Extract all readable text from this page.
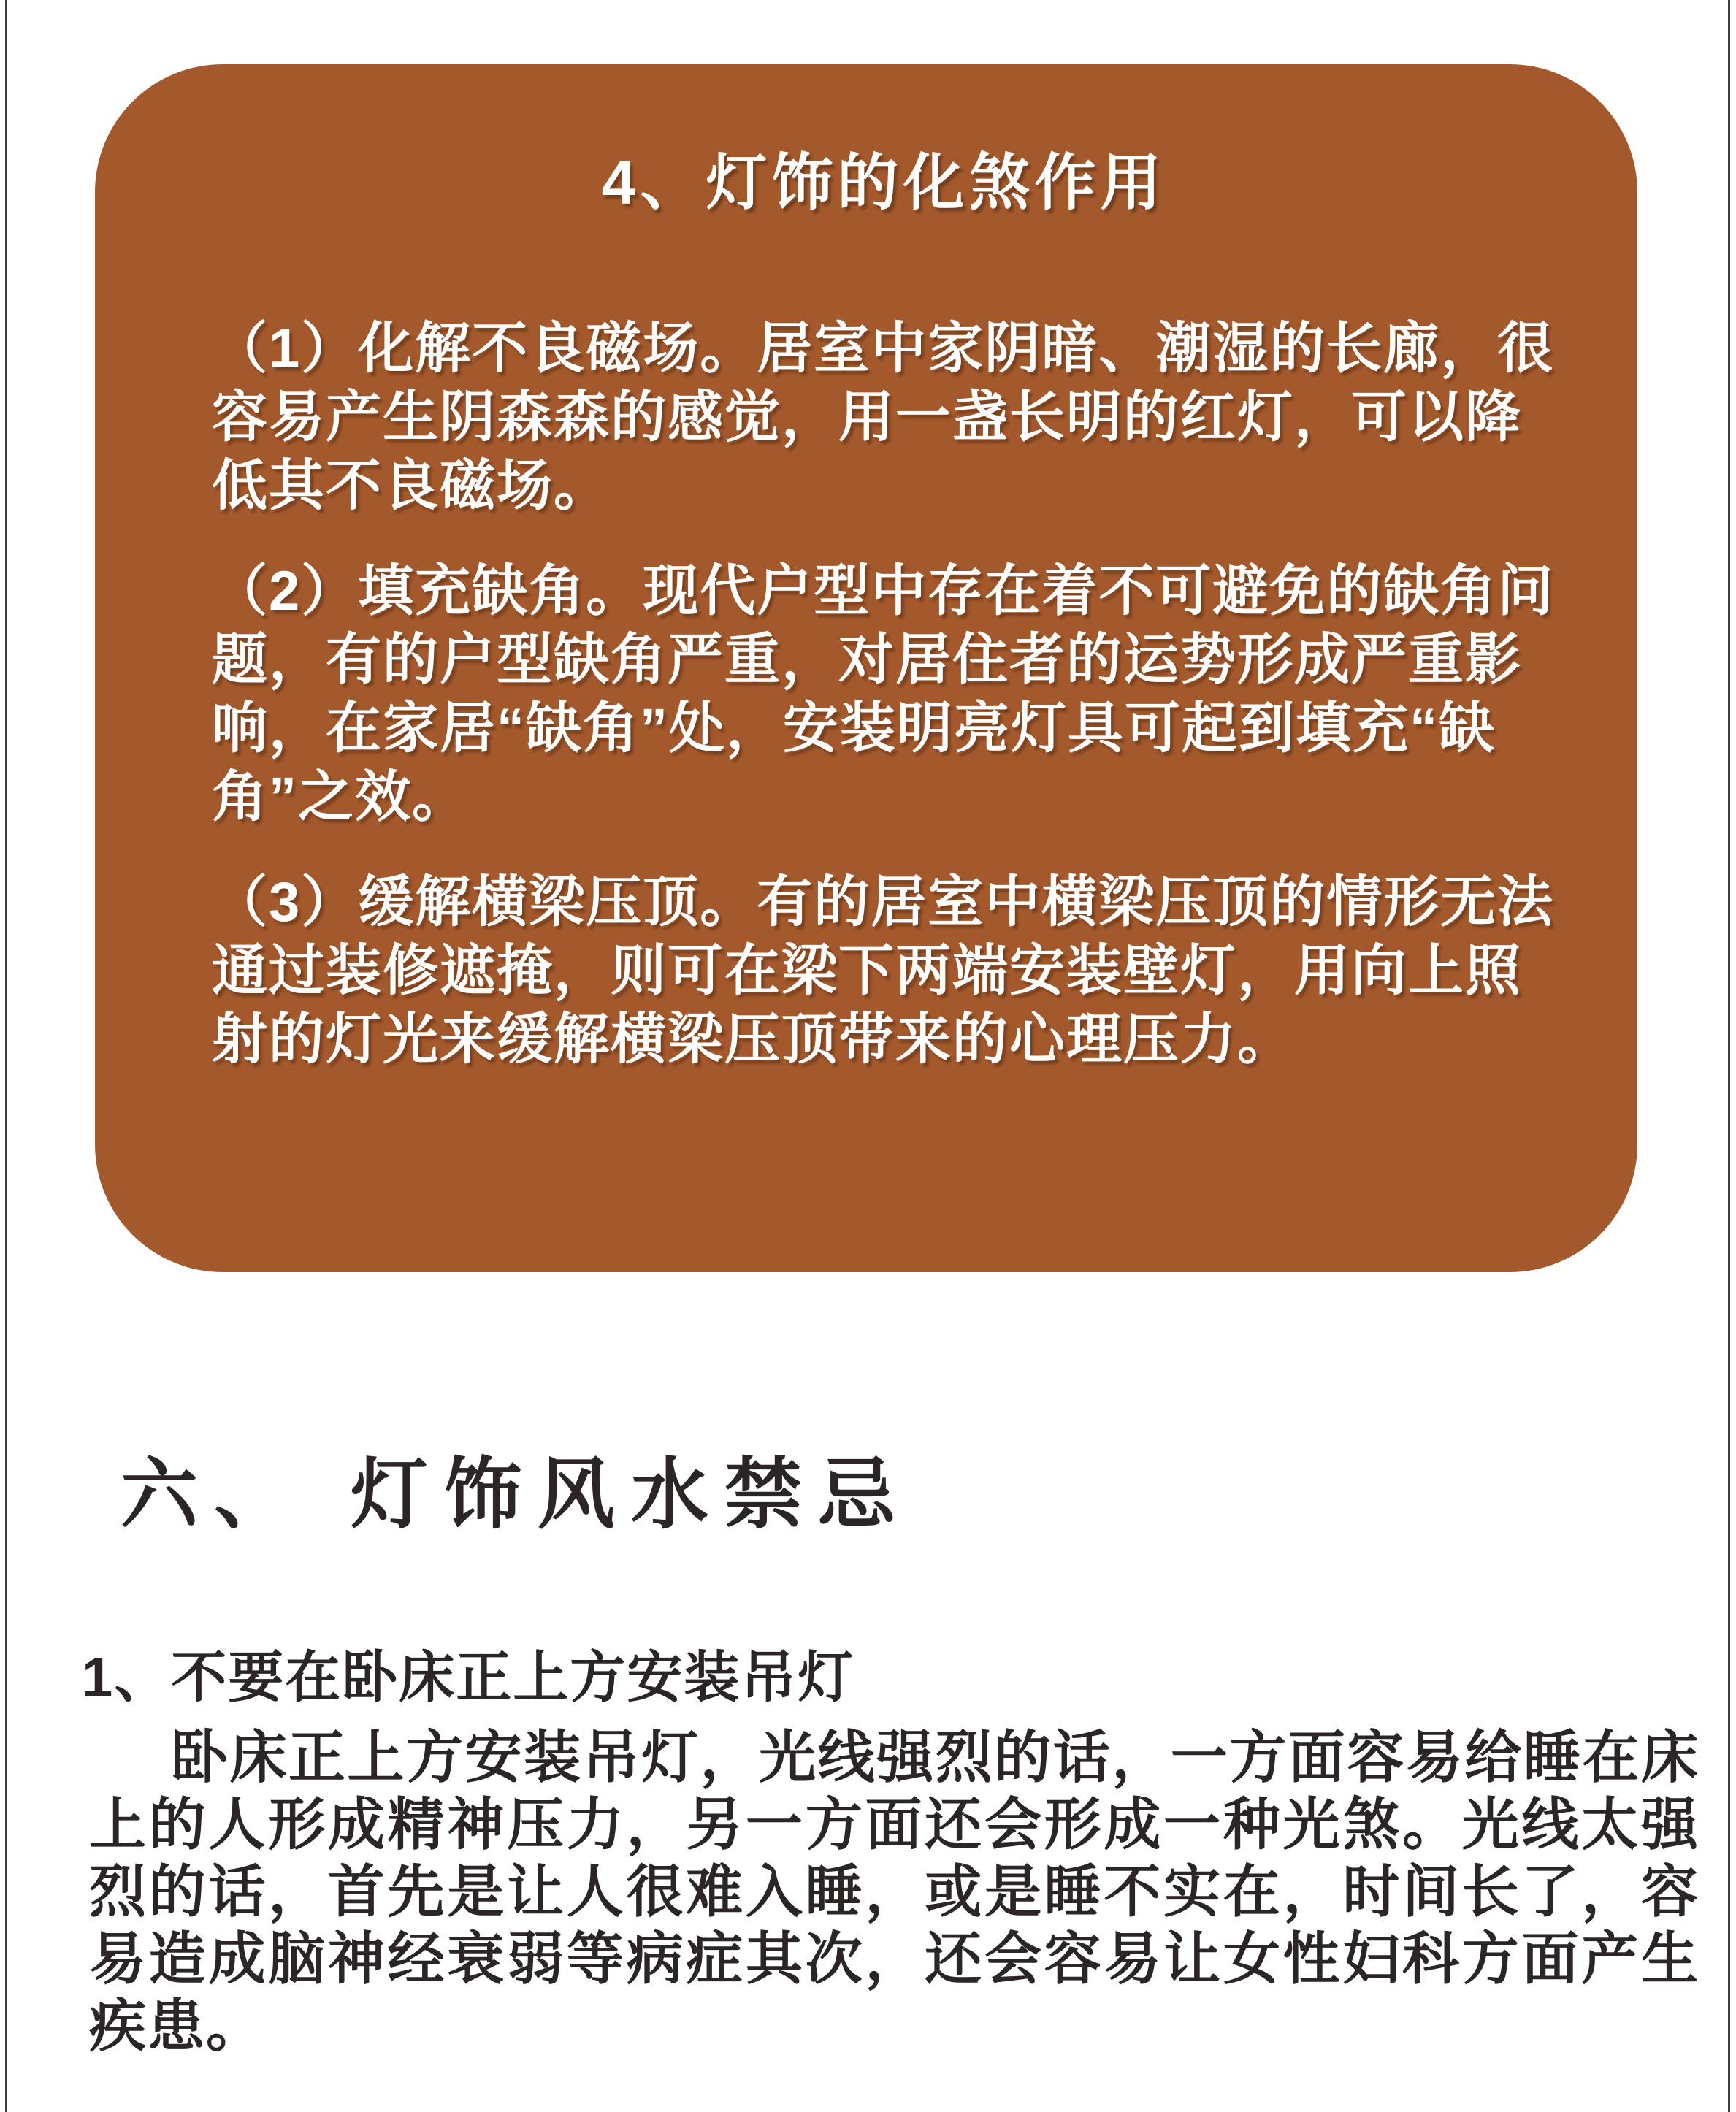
4、灯饰的化煞作用

（1）化解不良磁场。居室中家阴暗、潮湿的长廊，很容易产生阴森森的感觉，用一盏长明的红灯，可以降低其不良磁场。

（2）填充缺角。现代户型中存在着不可避免的缺角问题，有的户型缺角严重，对居住者的运势形成严重影响，在家居“缺角”处，安装明亮灯具可起到填充“缺角”之效。

（3）缓解横梁压顶。有的居室中横梁压顶的情形无法通过装修遮掩，则可在梁下两端安装壁灯，用向上照射的灯光来缓解横梁压顶带来的心理压力。

六、 灯饰风水禁忌
1、不要在卧床正上方安装吊灯
卧床正上方安装吊灯，光线强烈的话，一方面容易给睡在床上的人形成精神压力，另一方面还会形成一种光煞。光线太强烈的话，首先是让人很难入睡，或是睡不实在，时间长了，容易造成脑神经衰弱等病症其次，还会容易让女性妇科方面产生疾患。
